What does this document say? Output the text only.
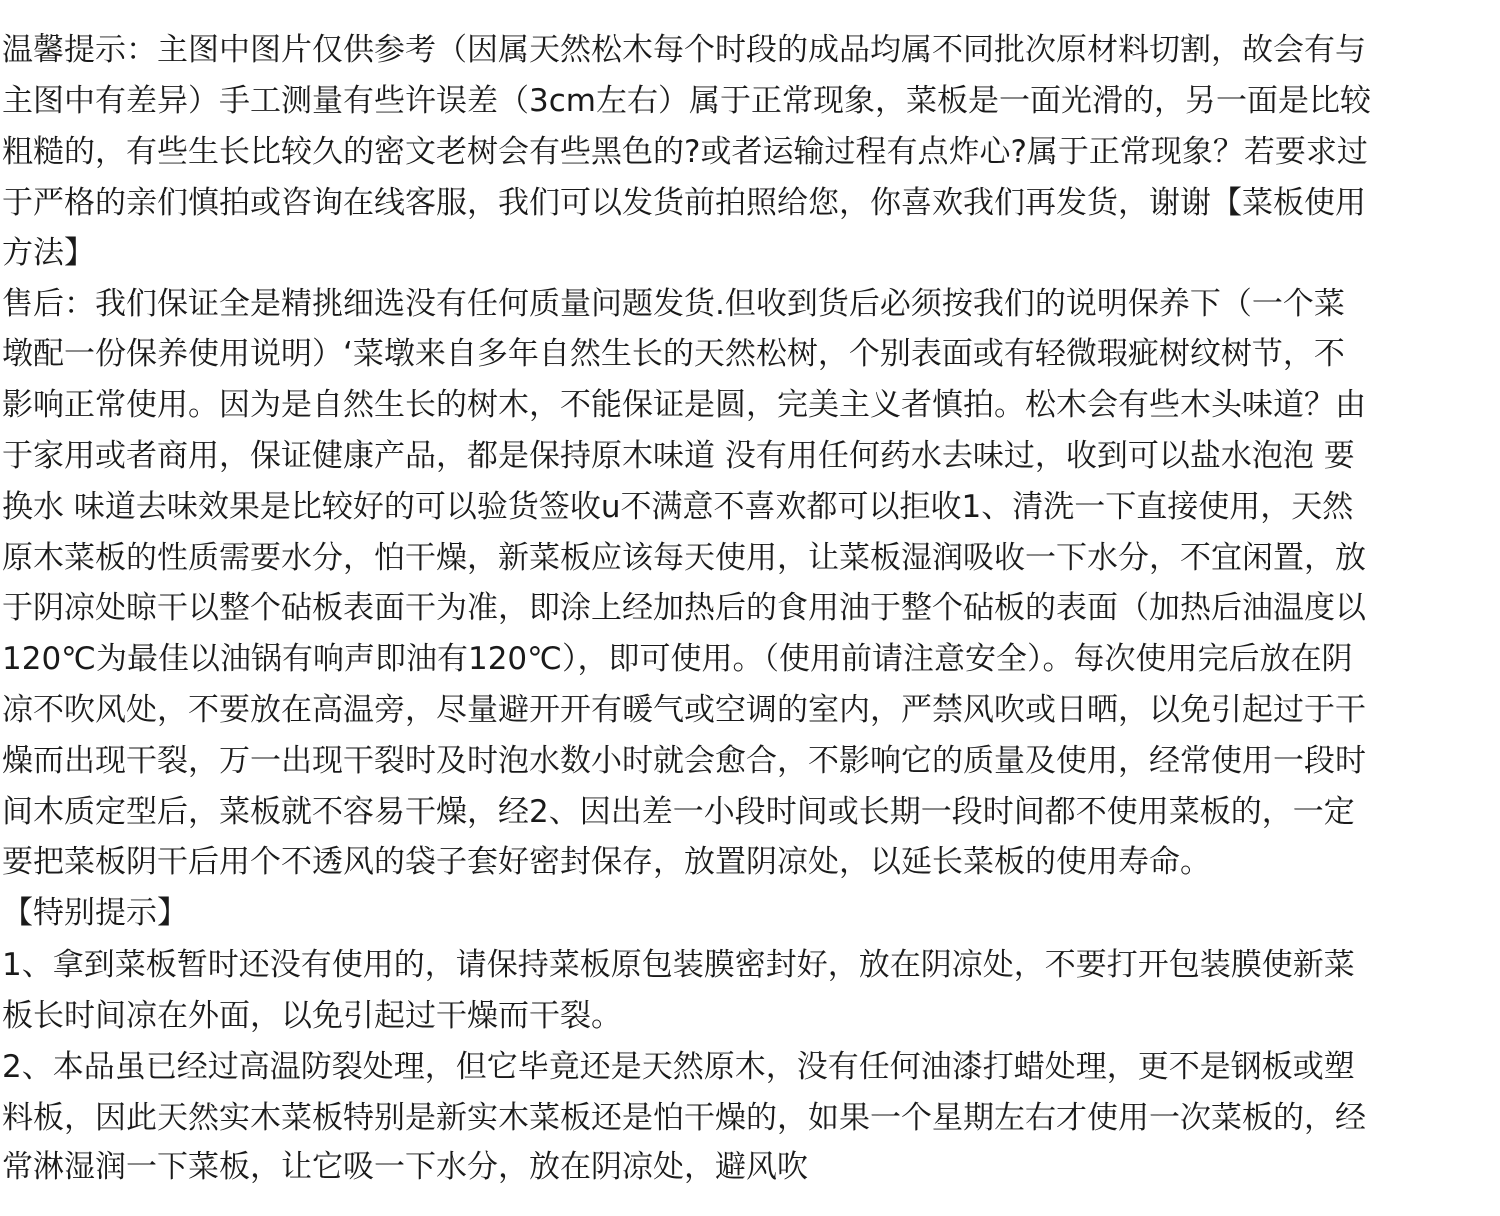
温馨提示：主图中图片仅供参考（因属天然松木每个时段的成品均属不同批次原材料切割，故会有与
主图中有差异）手工测量有些许误差（3cm左右）属于正常现象，菜板是一面光滑的，另一面是比较
粗糙的，有些生长比较久的密文老树会有些黑色的?或者运输过程有点炸心?属于正常现象？若要求过
于严格的亲们慎拍或咨询在线客服，我们可以发货前拍照给您，你喜欢我们再发货，谢谢【菜板使用
方法】
售后：我们保证全是精挑细选没有任何质量问题发货.但收到货后必须按我们的说明保养下（一个菜
墩配一份保养使用说明）‘菜墩来自多年自然生长的天然松树，个别表面或有轻微瑕疵树纹树节，不
影响正常使用。因为是自然生长的树木，不能保证是圆，完美主义者慎拍。松木会有些木头味道？由
于家用或者商用，保证健康产品，都是保持原木味道 没有用任何药水去味过，收到可以盐水泡泡 要
换水 味道去味效果是比较好的可以验货签收u不满意不喜欢都可以拒收1、清洗一下直接使用，天然
原木菜板的性质需要水分，怕干燥，新菜板应该每天使用，让菜板湿润吸收一下水分，不宜闲置，放
于阴凉处晾干以整个砧板表面干为准，即涂上经加热后的食用油于整个砧板的表面（加热后油温度以
120℃为最佳以油锅有响声即油有120℃），即可使用。（使用前请注意安全）。每次使用完后放在阴
凉不吹风处，不要放在高温旁，尽量避开开有暖气或空调的室内，严禁风吹或日晒，以免引起过于干
燥而出现干裂，万一出现干裂时及时泡水数小时就会愈合，不影响它的质量及使用，经常使用一段时
间木质定型后，菜板就不容易干燥，经2、因出差一小段时间或长期一段时间都不使用菜板的，一定
要把菜板阴干后用个不透风的袋子套好密封保存，放置阴凉处，以延长菜板的使用寿命。
【特别提示】
1、拿到菜板暂时还没有使用的，请保持菜板原包装膜密封好，放在阴凉处，不要打开包装膜使新菜
板长时间凉在外面，以免引起过干燥而干裂。
2、本品虽已经过高温防裂处理，但它毕竟还是天然原木，没有任何油漆打蜡处理，更不是钢板或塑
料板，因此天然实木菜板特别是新实木菜板还是怕干燥的，如果一个星期左右才使用一次菜板的，经
常淋湿润一下菜板，让它吸一下水分，放在阴凉处，避风吹
